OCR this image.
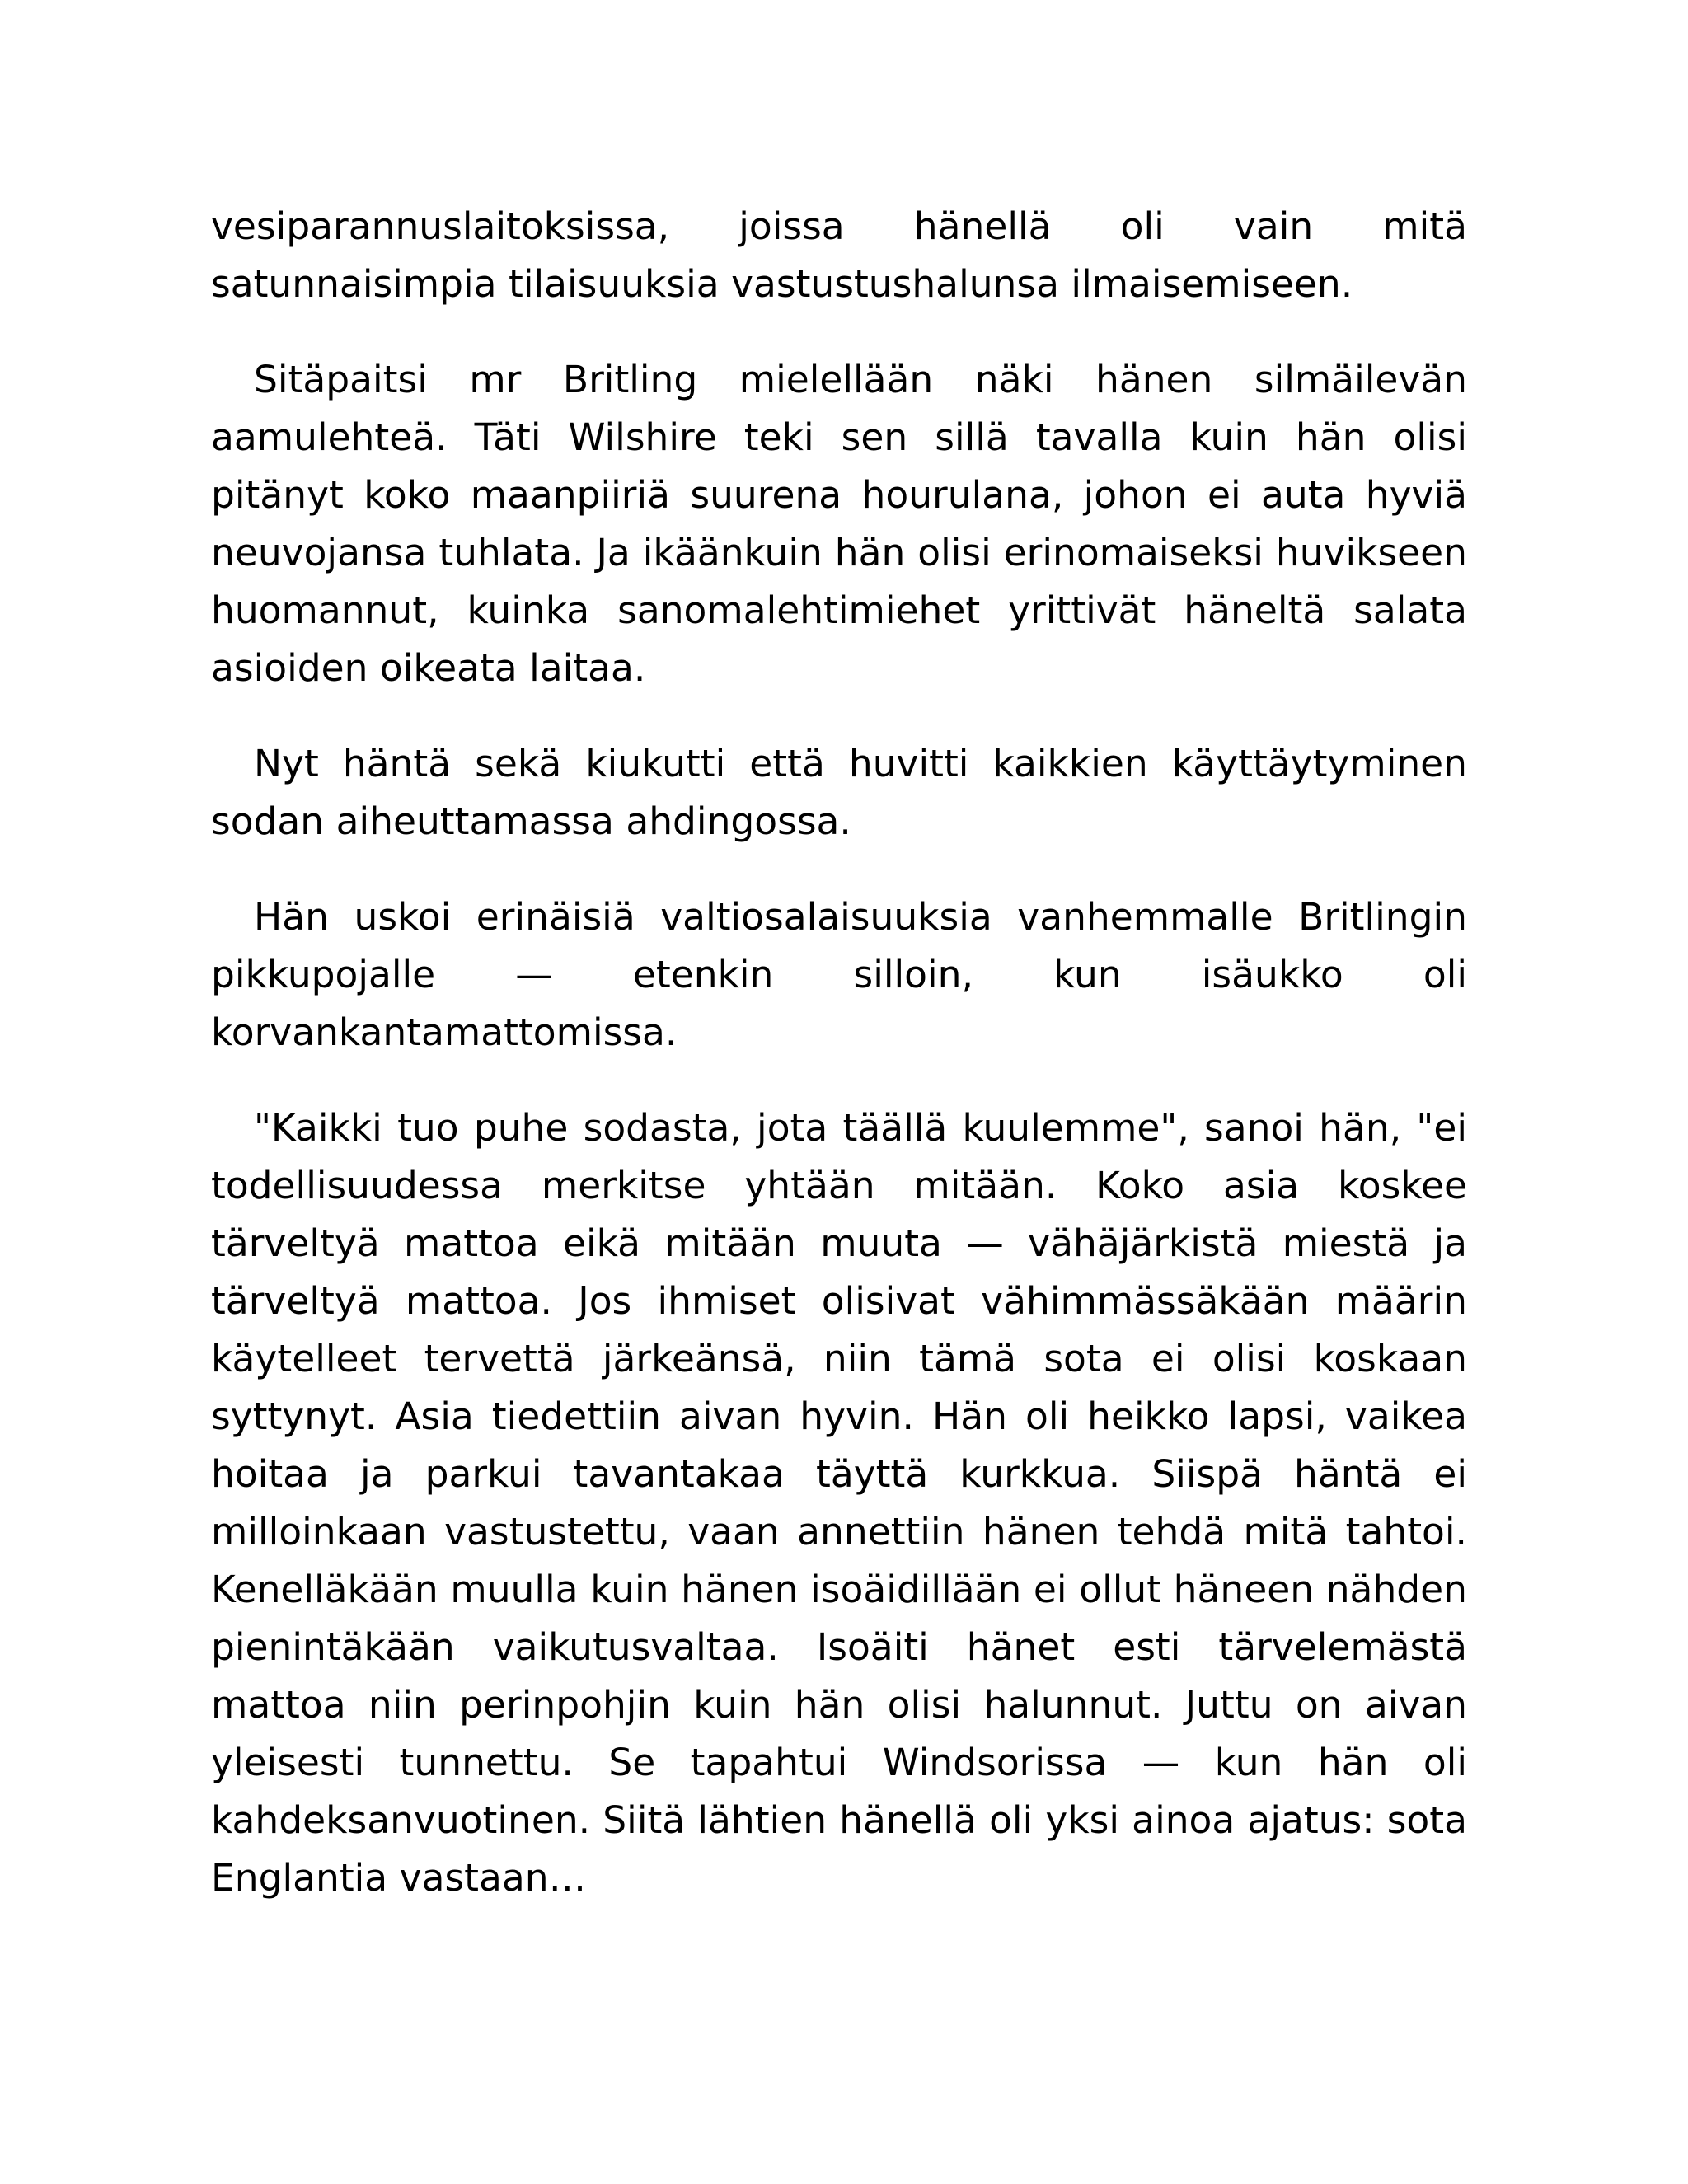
vesiparannuslaitoksissa, joissa hänellä oli vain mitä satunnaisimpia tilaisuuksia vastustushalunsa ilmaisemiseen.

Sitäpaitsi mr Britling mielellään näki hänen silmäilevän aamulehteä. Täti Wilshire teki sen sillä tavalla kuin hän olisi pitänyt koko maanpiiriä suurena hourulana, johon ei auta hyviä neuvojansa tuhlata. Ja ikäänkuin hän olisi erinomaiseksi huvikseen huomannut, kuinka sanomalehtimiehet yrittivät häneltä salata asioiden oikeata laitaa.

Nyt häntä sekä kiukutti että huvitti kaikkien käyttäytyminen sodan aiheuttamassa ahdingossa.

Hän uskoi erinäisiä valtiosalaisuuksia vanhemmalle Britlingin pikkupojalle — etenkin silloin, kun isäukko oli korvankantamattomissa.

"Kaikki tuo puhe sodasta, jota täällä kuulemme", sanoi hän, "ei todellisuudessa merkitse yhtään mitään. Koko asia koskee tärveltyä mattoa eikä mitään muuta — vähäjärkistä miestä ja tärveltyä mattoa. Jos ihmiset olisivat vähimmässäkään määrin käytelleet tervettä järkeänsä, niin tämä sota ei olisi koskaan syttynyt. Asia tiedettiin aivan hyvin. Hän oli heikko lapsi, vaikea hoitaa ja parkui tavantakaa täyttä kurkkua. Siispä häntä ei milloinkaan vastustettu, vaan annettiin hänen tehdä mitä tahtoi. Kenelläkään muulla kuin hänen isoäidillään ei ollut häneen nähden pienintäkään vaikutusvaltaa. Isoäiti hänet esti tärvelemästä mattoa niin perinpohjin kuin hän olisi halunnut. Juttu on aivan yleisesti tunnettu. Se tapahtui Windsorissa — kun hän oli kahdeksanvuotinen. Siitä lähtien hänellä oli yksi ainoa ajatus: sota Englantia vastaan…
